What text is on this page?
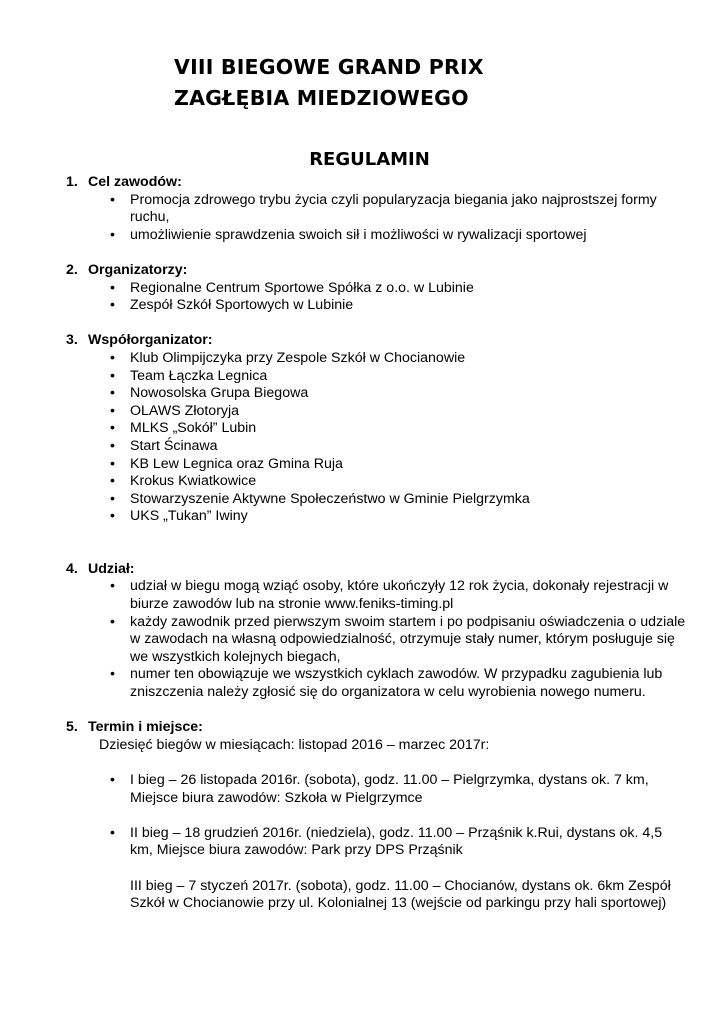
VIII BIEGOWE GRAND PRIX
ZAGŁĘBIA MIEDZIOWEGO
REGULAMIN
1. Cel zawodów:
• Promocja zdrowego trybu życia czyli popularyzacja biegania jako najprostszej formy ruchu,
• umożliwienie sprawdzenia swoich sił i możliwości w rywalizacji sportowej
2. Organizatorzy:
• Regionalne Centrum Sportowe Spółka z o.o. w Lubinie
• Zespół Szkół Sportowych w Lubinie
3. Współorganizator:
• Klub Olimpijczyka przy Zespole Szkół w Chocianowie
• Team Łączka Legnica
• Nowosolska Grupa Biegowa
• OLAWS Złotoryja
• MLKS „Sokół” Lubin
• Start Ścinawa
• KB Lew Legnica oraz Gmina Ruja
• Krokus Kwiatkowice
• Stowarzyszenie Aktywne Społeczeństwo w Gminie Pielgrzymka
• UKS „Tukan” Iwiny
4. Udział:
• udział w biegu mogą wziąć osoby, które ukończyły 12 rok życia, dokonały rejestracji w biurze zawodów lub na stronie www.feniks-timing.pl
• każdy zawodnik przed pierwszym swoim startem i po podpisaniu oświadczenia o udziale w zawodach na własną odpowiedzialność, otrzymuje stały numer, którym posługuje się we wszystkich kolejnych biegach,
• numer ten obowiązuje we wszystkich cyklach zawodów. W przypadku zagubienia lub zniszczenia należy zgłosić się do organizatora w celu wyrobienia nowego numeru.
5. Termin i miejsce:
Dziesięć biegów w miesiącach: listopad 2016 – marzec 2017r:
• I bieg – 26 listopada 2016r. (sobota), godz. 11.00 – Pielgrzymka, dystans ok. 7 km, Miejsce biura zawodów: Szkoła w Pielgrzymce
• II bieg – 18 grudzień 2016r. (niedziela), godz. 11.00 – Prząśnik k.Rui, dystans ok. 4,5 km, Miejsce biura zawodów: Park przy DPS Prząśnik
III bieg – 7 styczeń 2017r. (sobota), godz. 11.00 – Chocianów, dystans ok. 6km Zespół Szkół w Chocianowie przy ul. Kolonialnej 13 (wejście od parkingu przy hali sportowej)
